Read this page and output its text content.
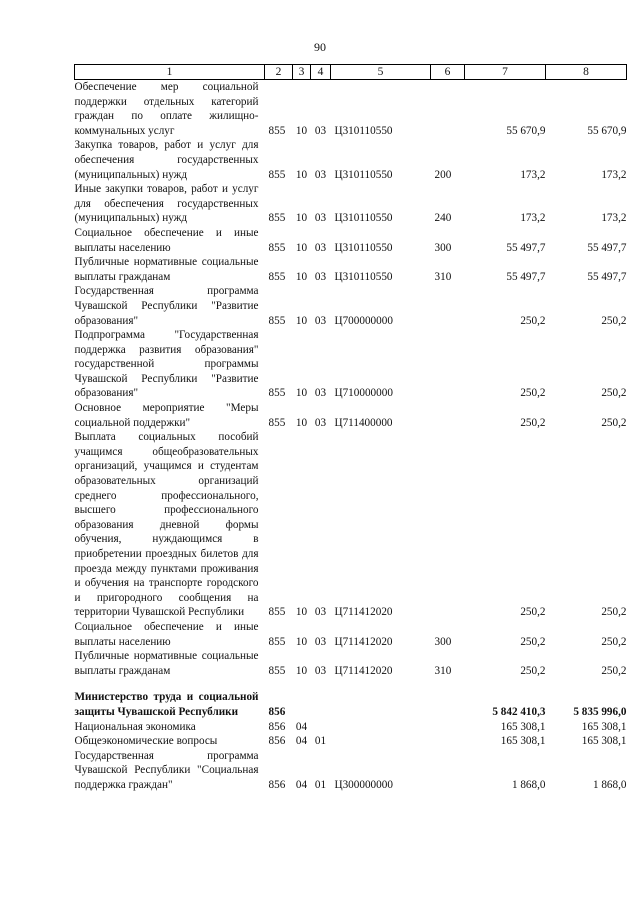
90
1	2	3	4	5	6	7	8
Обеспечение мер социальной поддержки отдельных категорий граждан по оплате жилищно-коммунальных услуг	855	10	03	Ц310110550		55 670,9	55 670,9
Закупка товаров, работ и услуг для обеспечения государственных (муниципальных) нужд	855	10	03	Ц310110550	200	173,2	173,2
Иные закупки товаров, работ и услуг для обеспечения государственных (муниципальных) нужд	855	10	03	Ц310110550	240	173,2	173,2
Социальное обеспечение и иные выплаты населению	855	10	03	Ц310110550	300	55 497,7	55 497,7
Публичные нормативные социальные выплаты гражданам	855	10	03	Ц310110550	310	55 497,7	55 497,7
Государственная программа Чувашской Республики "Развитие образования"	855	10	03	Ц700000000		250,2	250,2
Подпрограмма "Государственная поддержка развития образования" государственной программы Чувашской Республики "Развитие образования"	855	10	03	Ц710000000		250,2	250,2
Основное мероприятие "Меры социальной поддержки"	855	10	03	Ц711400000		250,2	250,2
Выплата социальных пособий учащимся общеобразовательных организаций, учащимся и студентам образовательных организаций среднего профессионального, высшего профессионального образования дневной формы обучения, нуждающимся в приобретении проездных билетов для проезда между пунктами проживания и обучения на транспорте городского и пригородного сообщения на территории Чувашской Республики	855	10	03	Ц711412020		250,2	250,2
Социальное обеспечение и иные выплаты населению	855	10	03	Ц711412020	300	250,2	250,2
Публичные нормативные социальные выплаты гражданам	855	10	03	Ц711412020	310	250,2	250,2

Министерство труда и социальной защиты Чувашской Республики	856					5 842 410,3	5 835 996,0
Национальная экономика	856	04				165 308,1	165 308,1
Общеэкономические вопросы	856	04	01			165 308,1	165 308,1
Государственная программа Чувашской Республики "Социальная поддержка граждан"	856	04	01	Ц300000000		1 868,0	1 868,0
